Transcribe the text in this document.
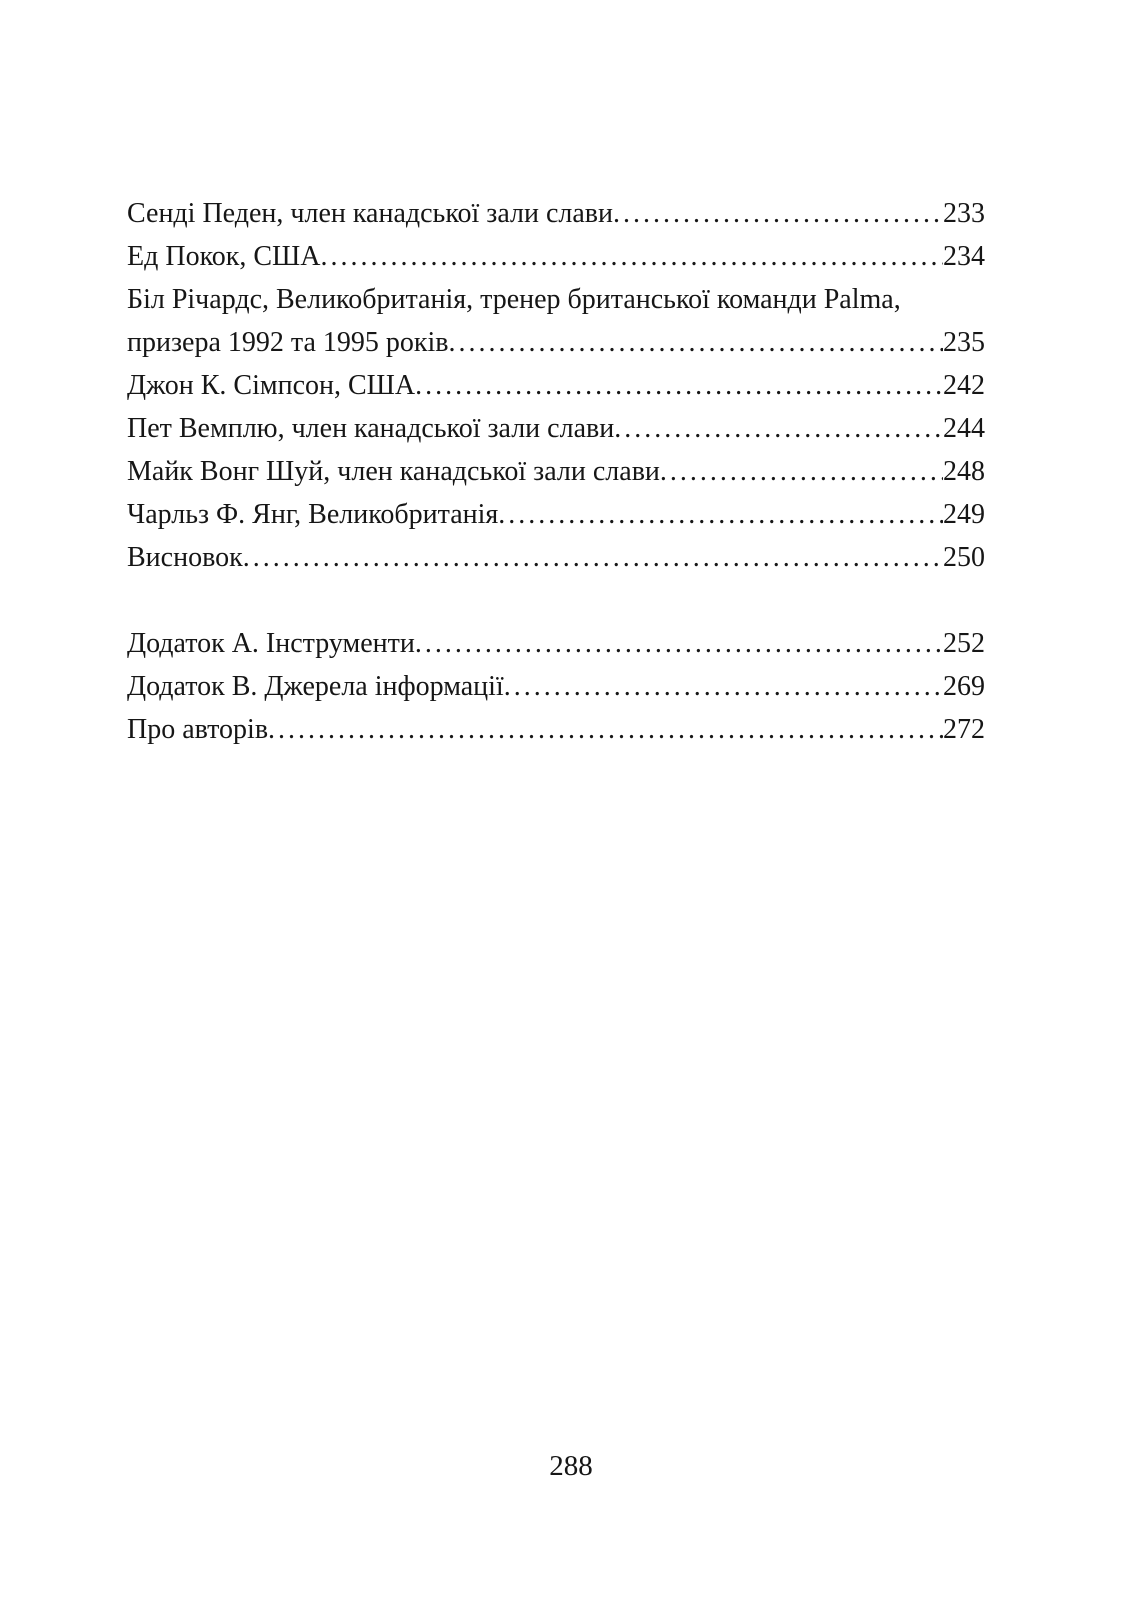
Сенді Педен, член канадської зали слави .....	233
Ед Покок, США .....	234
Біл Річардс, Великобританія, тренер британської команди Palma,
призера 1992 та 1995 років .....	235
Джон К. Сімпсон, США .....	242
Пет Вемплю, член канадської зали слави .....	244
Майк Вонг Шуй, член канадської зали слави .....	248
Чарльз Ф. Янг, Великобританія .....	249
Висновок .....	250
Додаток А. Інструменти .....	252
Додаток В. Джерела інформації .....	269
Про авторів .....	272
288
